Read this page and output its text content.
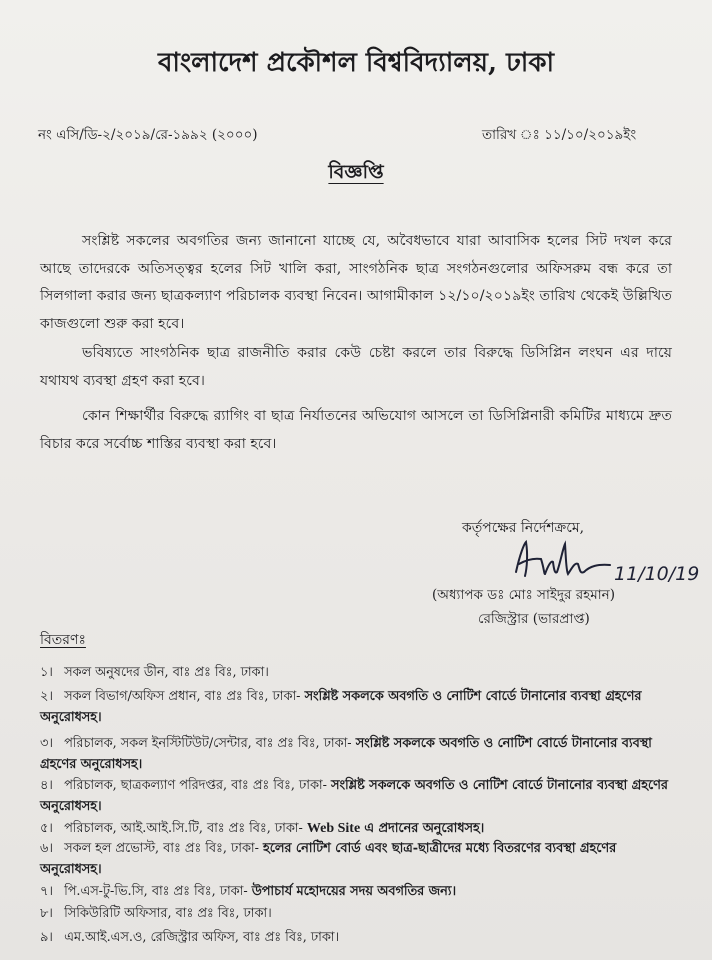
বাংলাদেশ প্রকৌশল বিশ্ববিদ্যালয়, ঢাকা
নং এসি/ডি-২/২০১৯/রে-১৯৯২ (২০০০)	তারিখ ঃ ১১/১০/২০১৯ইং
বিজ্ঞপ্তি
সংশ্লিষ্ট সকলের অবগতির জন্য জানানো যাচ্ছে যে, অবৈধভাবে যারা আবাসিক হলের সিট দখল করে আছে তাদেরকে অতিসত্ত্বর হলের সিট খালি করা, সাংগঠনিক ছাত্র সংগঠনগুলোর অফিসরুম বন্ধ করে তা সিলগালা করার জন্য ছাত্রকল্যাণ পরিচালক ব্যবস্থা নিবেন। আগামীকাল ১২/১০/২০১৯ইং তারিখ থেকেই উল্লিখিত কাজগুলো শুরু করা হবে।
ভবিষ্যতে সাংগঠনিক ছাত্র রাজনীতি করার কেউ চেষ্টা করলে তার বিরুদ্ধে ডিসিপ্লিন লংঘন এর দায়ে যথাযথ ব্যবস্থা গ্রহণ করা হবে।
কোন শিক্ষার্থীর বিরুদ্ধে র‍্যাগিং বা ছাত্র নির্যাতনের অভিযোগ আসলে তা ডিসিপ্লিনারী কমিটির মাধ্যমে দ্রুত বিচার করে সর্বোচ্চ শাস্তির ব্যবস্থা করা হবে।
কর্তৃপক্ষের নির্দেশক্রমে,
11/10/19
(অধ্যাপক ডঃ মোঃ সাইদুর রহমান)
রেজিস্ট্রার (ভারপ্রাপ্ত)
বিতরণঃ
১। সকল অনুষদের ডীন, বাঃ প্রঃ বিঃ, ঢাকা।
২। সকল বিভাগ/অফিস প্রধান, বাঃ প্রঃ বিঃ, ঢাকা- সংশ্লিষ্ট সকলকে অবগতি ও নোটিশ বোর্ডে টানানোর ব্যবস্থা গ্রহণের অনুরোধসহ।
৩। পরিচালক, সকল ইনস্টিটিউট/সেন্টার, বাঃ প্রঃ বিঃ, ঢাকা- সংশ্লিষ্ট সকলকে অবগতি ও নোটিশ বোর্ডে টানানোর ব্যবস্থা গ্রহণের অনুরোধসহ।
৪। পরিচালক, ছাত্রকল্যাণ পরিদপ্তর, বাঃ প্রঃ বিঃ, ঢাকা- সংশ্লিষ্ট সকলকে অবগতি ও নোটিশ বোর্ডে টানানোর ব্যবস্থা গ্রহণের অনুরোধসহ।
৫। পরিচালক, আই.আই.সি.টি, বাঃ প্রঃ বিঃ, ঢাকা- Web Site এ প্রদানের অনুরোধসহ।
৬। সকল হল প্রভোস্ট, বাঃ প্রঃ বিঃ, ঢাকা- হলের নোটিশ বোর্ড এবং ছাত্র-ছাত্রীদের মধ্যে বিতরণের ব্যবস্থা গ্রহণের অনুরোধসহ।
৭। পি.এস-টু-ভি.সি, বাঃ প্রঃ বিঃ, ঢাকা- উপাচার্য মহোদয়ের সদয় অবগতির জন্য।
৮। সিকিউরিটি অফিসার, বাঃ প্রঃ বিঃ, ঢাকা।
৯। এম.আই.এস.ও, রেজিস্ট্রার অফিস, বাঃ প্রঃ বিঃ, ঢাকা।
